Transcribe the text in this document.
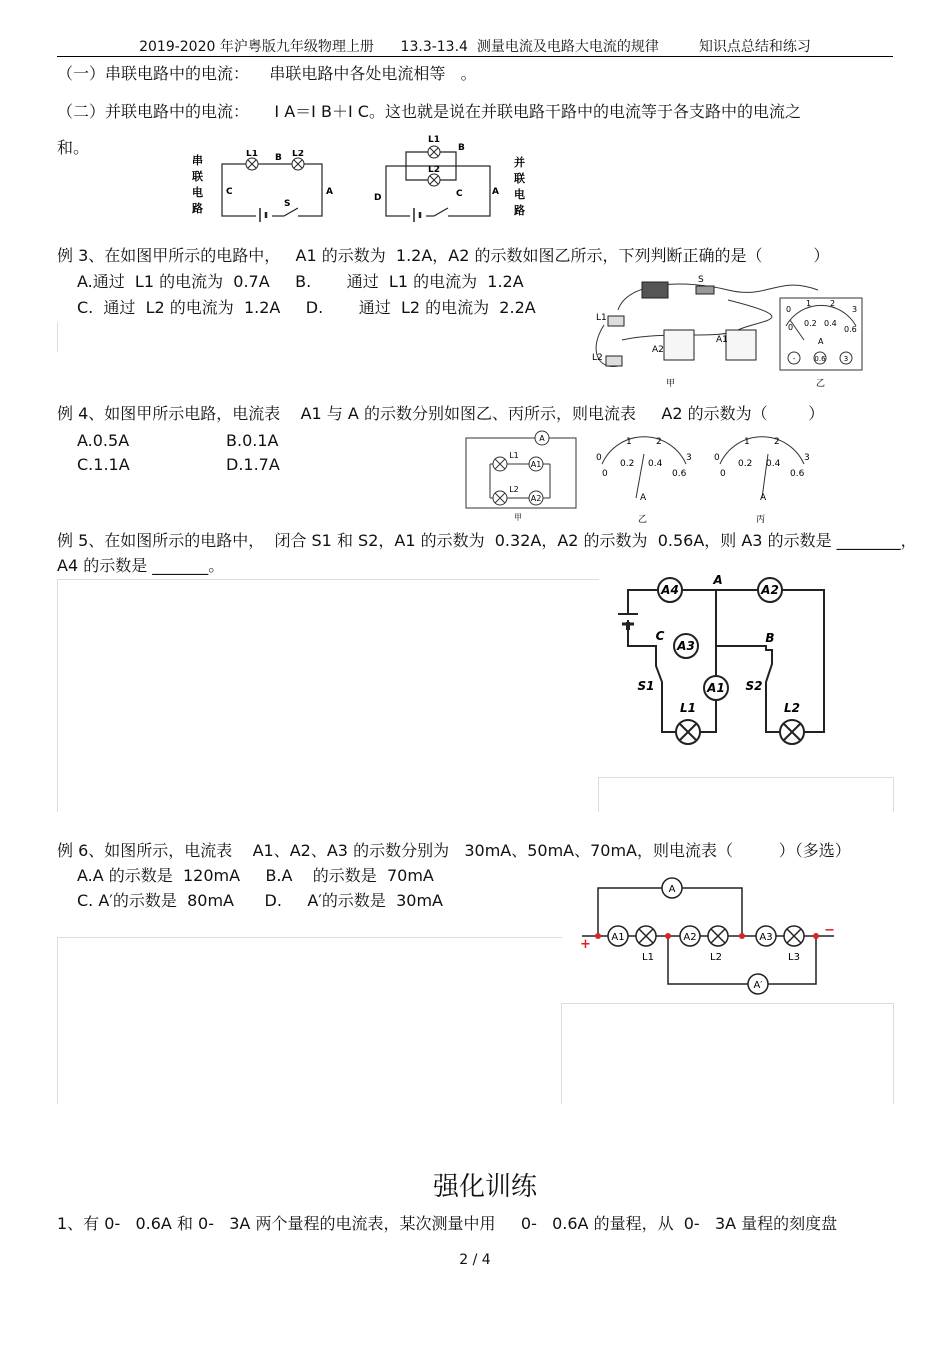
2019-2020 年沪粤版九年级物理上册      13.3-13.4  测量电流及电路大电流的规律         知识点总结和练习
（一）串联电路中的电流：    串联电路中各处电流相等   。
（二）并联电路中的电流：     I A＝I B＋I C。这也就是说在并联电路干路中的电流等于各支路中的电流之
和。
串
联
电
路
L1 B L2
C	A
S
L1
B
L2
D	C	A
并
联
电
路
例 3、在如图甲所示的电路中，   A1 的示数为  1.2A，A2 的示数如图乙所示，下列判断正确的是（          ）
A.通过  L1 的电流为  0.7A     B.       通过  L1 的电流为  1.2A
C.  通过  L2 的电流为  1.2A     D.       通过  L2 的电流为  2.2A
L1
L2
A2
A1
S
甲
0
1 2
3
0 0.2 0.4
0.6
A
-	0.6	3
乙
例 4、如图甲所示电路，电流表    A1 与 A 的示数分别如图乙、丙所示，则电流表     A2 的示数为（        ）
A.0.5A	B.0.1A
C.1.1A	D.1.7A
A
L1
A1
L2
A2
甲
0
1	2
3
0
0.2 0.4
0.6
A
乙
0
1	2
3
0
0.2 0.4
0.6
A
丙
例 5、在如图所示的电路中，  闭合 S1 和 S2，A1 的示数为  0.32A，A2 的示数为  0.56A，则 A3 的示数是 ________，
A4 的示数是 _______。
A4
A
A2
C
A3
B
S1	A1 S2
L1	L2
例 6、如图所示，电流表    A1、A2、A3 的示数分别为   30mA、50mA、70mA，则电流表（         ）（多选）
A.A 的示数是  120mA     B.A    的示数是  70mA
C. A′的示数是  80mA      D.     A′的示数是  30mA
A
A1	A2	A3
A′
L1	L2	L3
+
−
强化训练
1、有 0-   0.6A 和 0-   3A 两个量程的电流表，某次测量中用     0-   0.6A 的量程，从  0-   3A 量程的刻度盘
2 / 4
